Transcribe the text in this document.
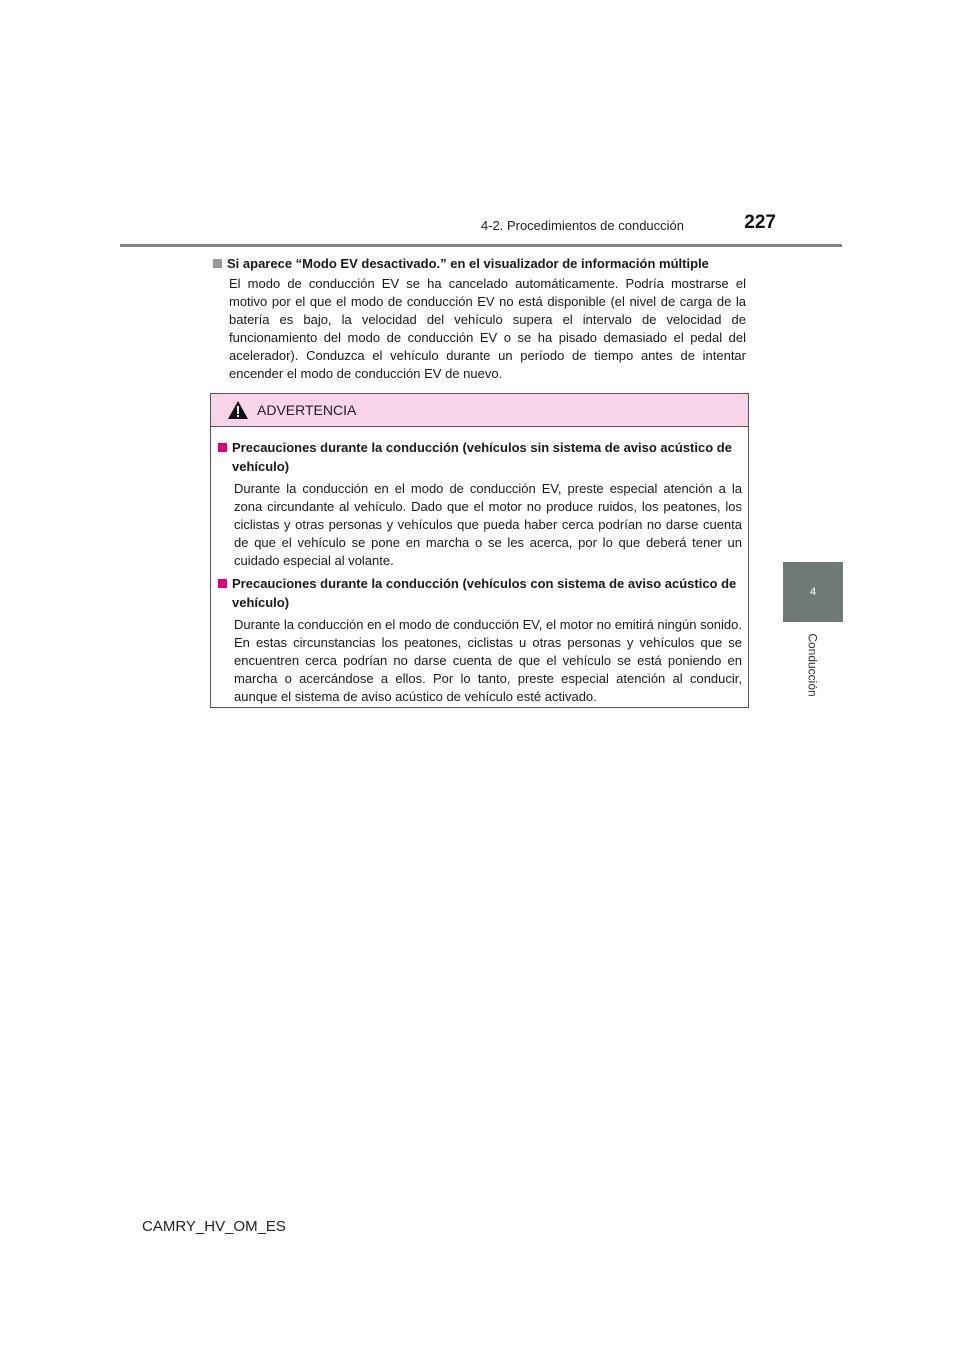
4-2. Procedimientos de conducción	227
4
Conducción

Si aparece “Modo EV desactivado.” en el visualizador de información múltiple

El modo de conducción EV se ha cancelado automáticamente. Podría mostrarse el motivo por el que el modo de conducción EV no está disponible (el nivel de carga de la batería es bajo, la velocidad del vehículo supera el intervalo de velocidad de funcionamiento del modo de conducción EV o se ha pisado demasiado el pedal del acelerador). Conduzca el vehículo durante un período de tiempo antes de intentar encender el modo de conducción EV de nuevo.

ADVERTENCIA

Precauciones durante la conducción (vehículos sin sistema de aviso acústico de vehículo)

Durante la conducción en el modo de conducción EV, preste especial atención a la zona circundante al vehículo. Dado que el motor no produce ruidos, los peatones, los ciclistas y otras personas y vehículos que pueda haber cerca podrían no darse cuenta de que el vehículo se pone en marcha o se les acerca, por lo que deberá tener un cuidado especial al volante.

Precauciones durante la conducción (vehículos con sistema de aviso acústico de vehículo)

Durante la conducción en el modo de conducción EV, el motor no emitirá ningún sonido. En estas circunstancias los peatones, ciclistas u otras personas y vehículos que se encuentren cerca podrían no darse cuenta de que el vehículo se está poniendo en marcha o acercándose a ellos. Por lo tanto, preste especial atención al conducir, aunque el sistema de aviso acústico de vehículo esté activado.

CAMRY_HV_OM_ES
